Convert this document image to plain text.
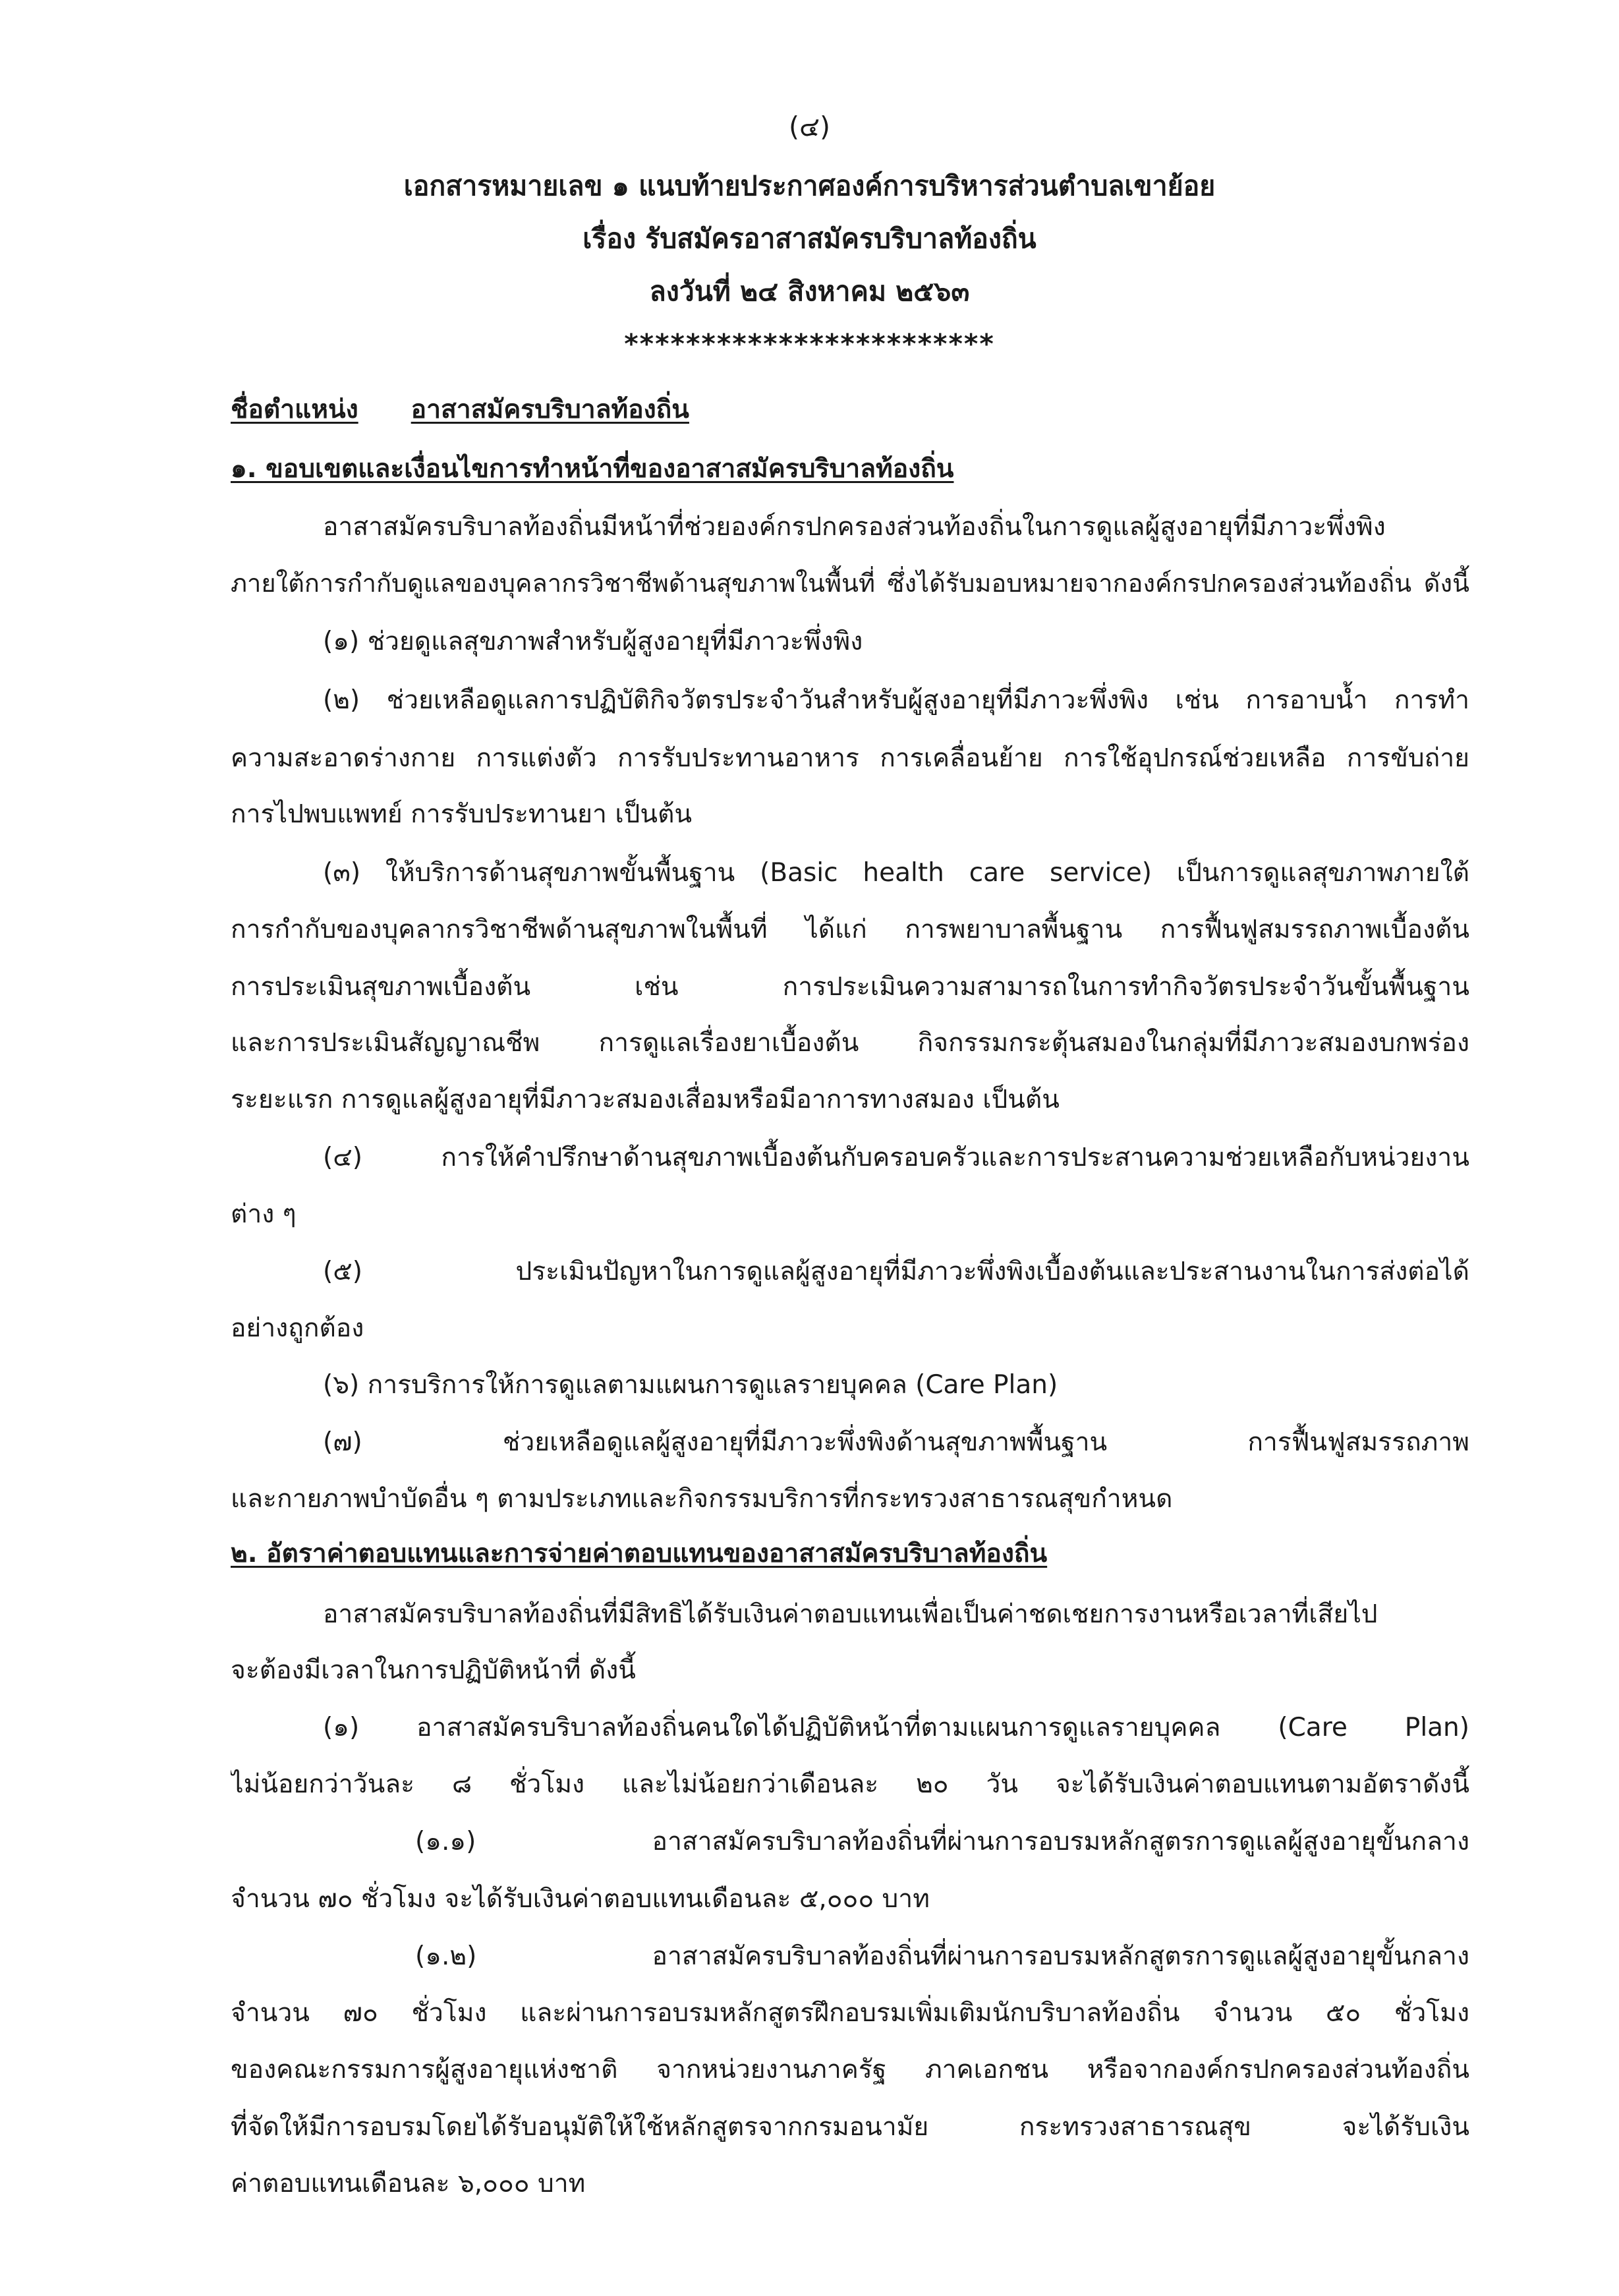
(๔)
เอกสารหมายเลข ๑ แนบท้ายประกาศองค์การบริหารส่วนตำบลเขาย้อย
เรื่อง รับสมัครอาสาสมัครบริบาลท้องถิ่น
ลงวันที่ ๒๔ สิงหาคม ๒๕๖๓
************************
ชื่อตำแหน่ง อาสาสมัครบริบาลท้องถิ่น
๑. ขอบเขตและเงื่อนไขการทำหน้าที่ของอาสาสมัครบริบาลท้องถิ่น
อาสาสมัครบริบาลท้องถิ่นมีหน้าที่ช่วยองค์กรปกครองส่วนท้องถิ่นในการดูแลผู้สูงอายุที่มีภาวะพึ่งพิง
ภายใต้การกำกับดูแลของบุคลากรวิชาชีพด้านสุขภาพในพื้นที่ ซึ่งได้รับมอบหมายจากองค์กรปกครองส่วนท้องถิ่น ดังนี้
(๑) ช่วยดูแลสุขภาพสำหรับผู้สูงอายุที่มีภาวะพึ่งพิง
(๒) ช่วยเหลือดูแลการปฏิบัติกิจวัตรประจำวันสำหรับผู้สูงอายุที่มีภาวะพึ่งพิง เช่น การอาบน้ำ การทำ
ความสะอาดร่างกาย การแต่งตัว การรับประทานอาหาร การเคลื่อนย้าย การใช้อุปกรณ์ช่วยเหลือ การขับถ่าย
การไปพบแพทย์ การรับประทานยา เป็นต้น
(๓) ให้บริการด้านสุขภาพขั้นพื้นฐาน (Basic health care service) เป็นการดูแลสุขภาพภายใต้
การกำกับของบุคลากรวิชาชีพด้านสุขภาพในพื้นที่ ได้แก่ การพยาบาลพื้นฐาน การฟื้นฟูสมรรถภาพเบื้องต้น
การประเมินสุขภาพเบื้องต้น เช่น การประเมินความสามารถในการทำกิจวัตรประจำวันขั้นพื้นฐาน
และการประเมินสัญญาณชีพ การดูแลเรื่องยาเบื้องต้น กิจกรรมกระตุ้นสมองในกลุ่มที่มีภาวะสมองบกพร่อง
ระยะแรก การดูแลผู้สูงอายุที่มีภาวะสมองเสื่อมหรือมีอาการทางสมอง เป็นต้น
(๔) การให้คำปรึกษาด้านสุขภาพเบื้องต้นกับครอบครัวและการประสานความช่วยเหลือกับหน่วยงาน
ต่าง ๆ
(๕) ประเมินปัญหาในการดูแลผู้สูงอายุที่มีภาวะพึ่งพิงเบื้องต้นและประสานงานในการส่งต่อได้
อย่างถูกต้อง
(๖) การบริการให้การดูแลตามแผนการดูแลรายบุคคล (Care Plan)
(๗) ช่วยเหลือดูแลผู้สูงอายุที่มีภาวะพึ่งพิงด้านสุขภาพพื้นฐาน การฟื้นฟูสมรรถภาพ
และกายภาพบำบัดอื่น ๆ ตามประเภทและกิจกรรมบริการที่กระทรวงสาธารณสุขกำหนด
๒. อัตราค่าตอบแทนและการจ่ายค่าตอบแทนของอาสาสมัครบริบาลท้องถิ่น
อาสาสมัครบริบาลท้องถิ่นที่มีสิทธิได้รับเงินค่าตอบแทนเพื่อเป็นค่าชดเชยการงานหรือเวลาที่เสียไป
จะต้องมีเวลาในการปฏิบัติหน้าที่ ดังนี้
(๑) อาสาสมัครบริบาลท้องถิ่นคนใดได้ปฏิบัติหน้าที่ตามแผนการดูแลรายบุคคล (Care Plan)
ไม่น้อยกว่าวันละ ๘ ชั่วโมง และไม่น้อยกว่าเดือนละ ๒๐ วัน จะได้รับเงินค่าตอบแทนตามอัตราดังนี้
(๑.๑) อาสาสมัครบริบาลท้องถิ่นที่ผ่านการอบรมหลักสูตรการดูแลผู้สูงอายุขั้นกลาง
จำนวน ๗๐ ชั่วโมง จะได้รับเงินค่าตอบแทนเดือนละ ๕,๐๐๐ บาท
(๑.๒) อาสาสมัครบริบาลท้องถิ่นที่ผ่านการอบรมหลักสูตรการดูแลผู้สูงอายุขั้นกลาง
จำนวน ๗๐ ชั่วโมง และผ่านการอบรมหลักสูตรฝึกอบรมเพิ่มเติมนักบริบาลท้องถิ่น จำนวน ๕๐ ชั่วโมง
ของคณะกรรมการผู้สูงอายุแห่งชาติ จากหน่วยงานภาครัฐ ภาคเอกชน หรือจากองค์กรปกครองส่วนท้องถิ่น
ที่จัดให้มีการอบรมโดยได้รับอนุมัติให้ใช้หลักสูตรจากกรมอนามัย กระทรวงสาธารณสุข จะได้รับเงิน
ค่าตอบแทนเดือนละ ๖,๐๐๐ บาท
